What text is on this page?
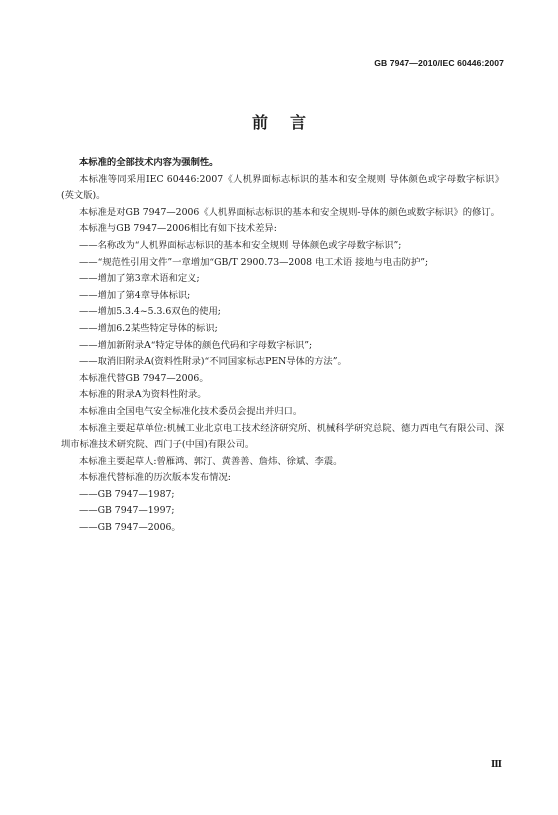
GB 7947—2010/IEC 60446:2007
前言

本标准的全部技术内容为强制性。

本标准等同采用IEC 60446:2007《人机界面标志标识的基本和安全规则 导体颜色或字母数字标识》(英文版)。

本标准是对GB 7947—2006《人机界面标志标识的基本和安全规则-导体的颜色或数字标识》的修订。

本标准与GB 7947—2006相比有如下技术差异:

——名称改为“人机界面标志标识的基本和安全规则 导体颜色或字母数字标识”;

——“规范性引用文件”一章增加“GB/T 2900.73—2008 电工术语 接地与电击防护”;

——增加了第3章术语和定义;

——增加了第4章导体标识;

——增加5.3.4~5.3.6双色的使用;

——增加6.2某些特定导体的标识;

——增加新附录A“特定导体的颜色代码和字母数字标识”;

——取消旧附录A(资料性附录)“不同国家标志PEN导体的方法”。

本标准代替GB 7947—2006。

本标准的附录A为资料性附录。

本标准由全国电气安全标准化技术委员会提出并归口。

本标准主要起草单位:机械工业北京电工技术经济研究所、机械科学研究总院、德力西电气有限公司、深圳市标准技术研究院、西门子(中国)有限公司。

本标准主要起草人:曾雁鸿、郭汀、黄善善、詹炜、徐斌、李震。

本标准代替标准的历次版本发布情况:

——GB 7947—1987;

——GB 7947—1997;

——GB 7947—2006。

Ⅲ
